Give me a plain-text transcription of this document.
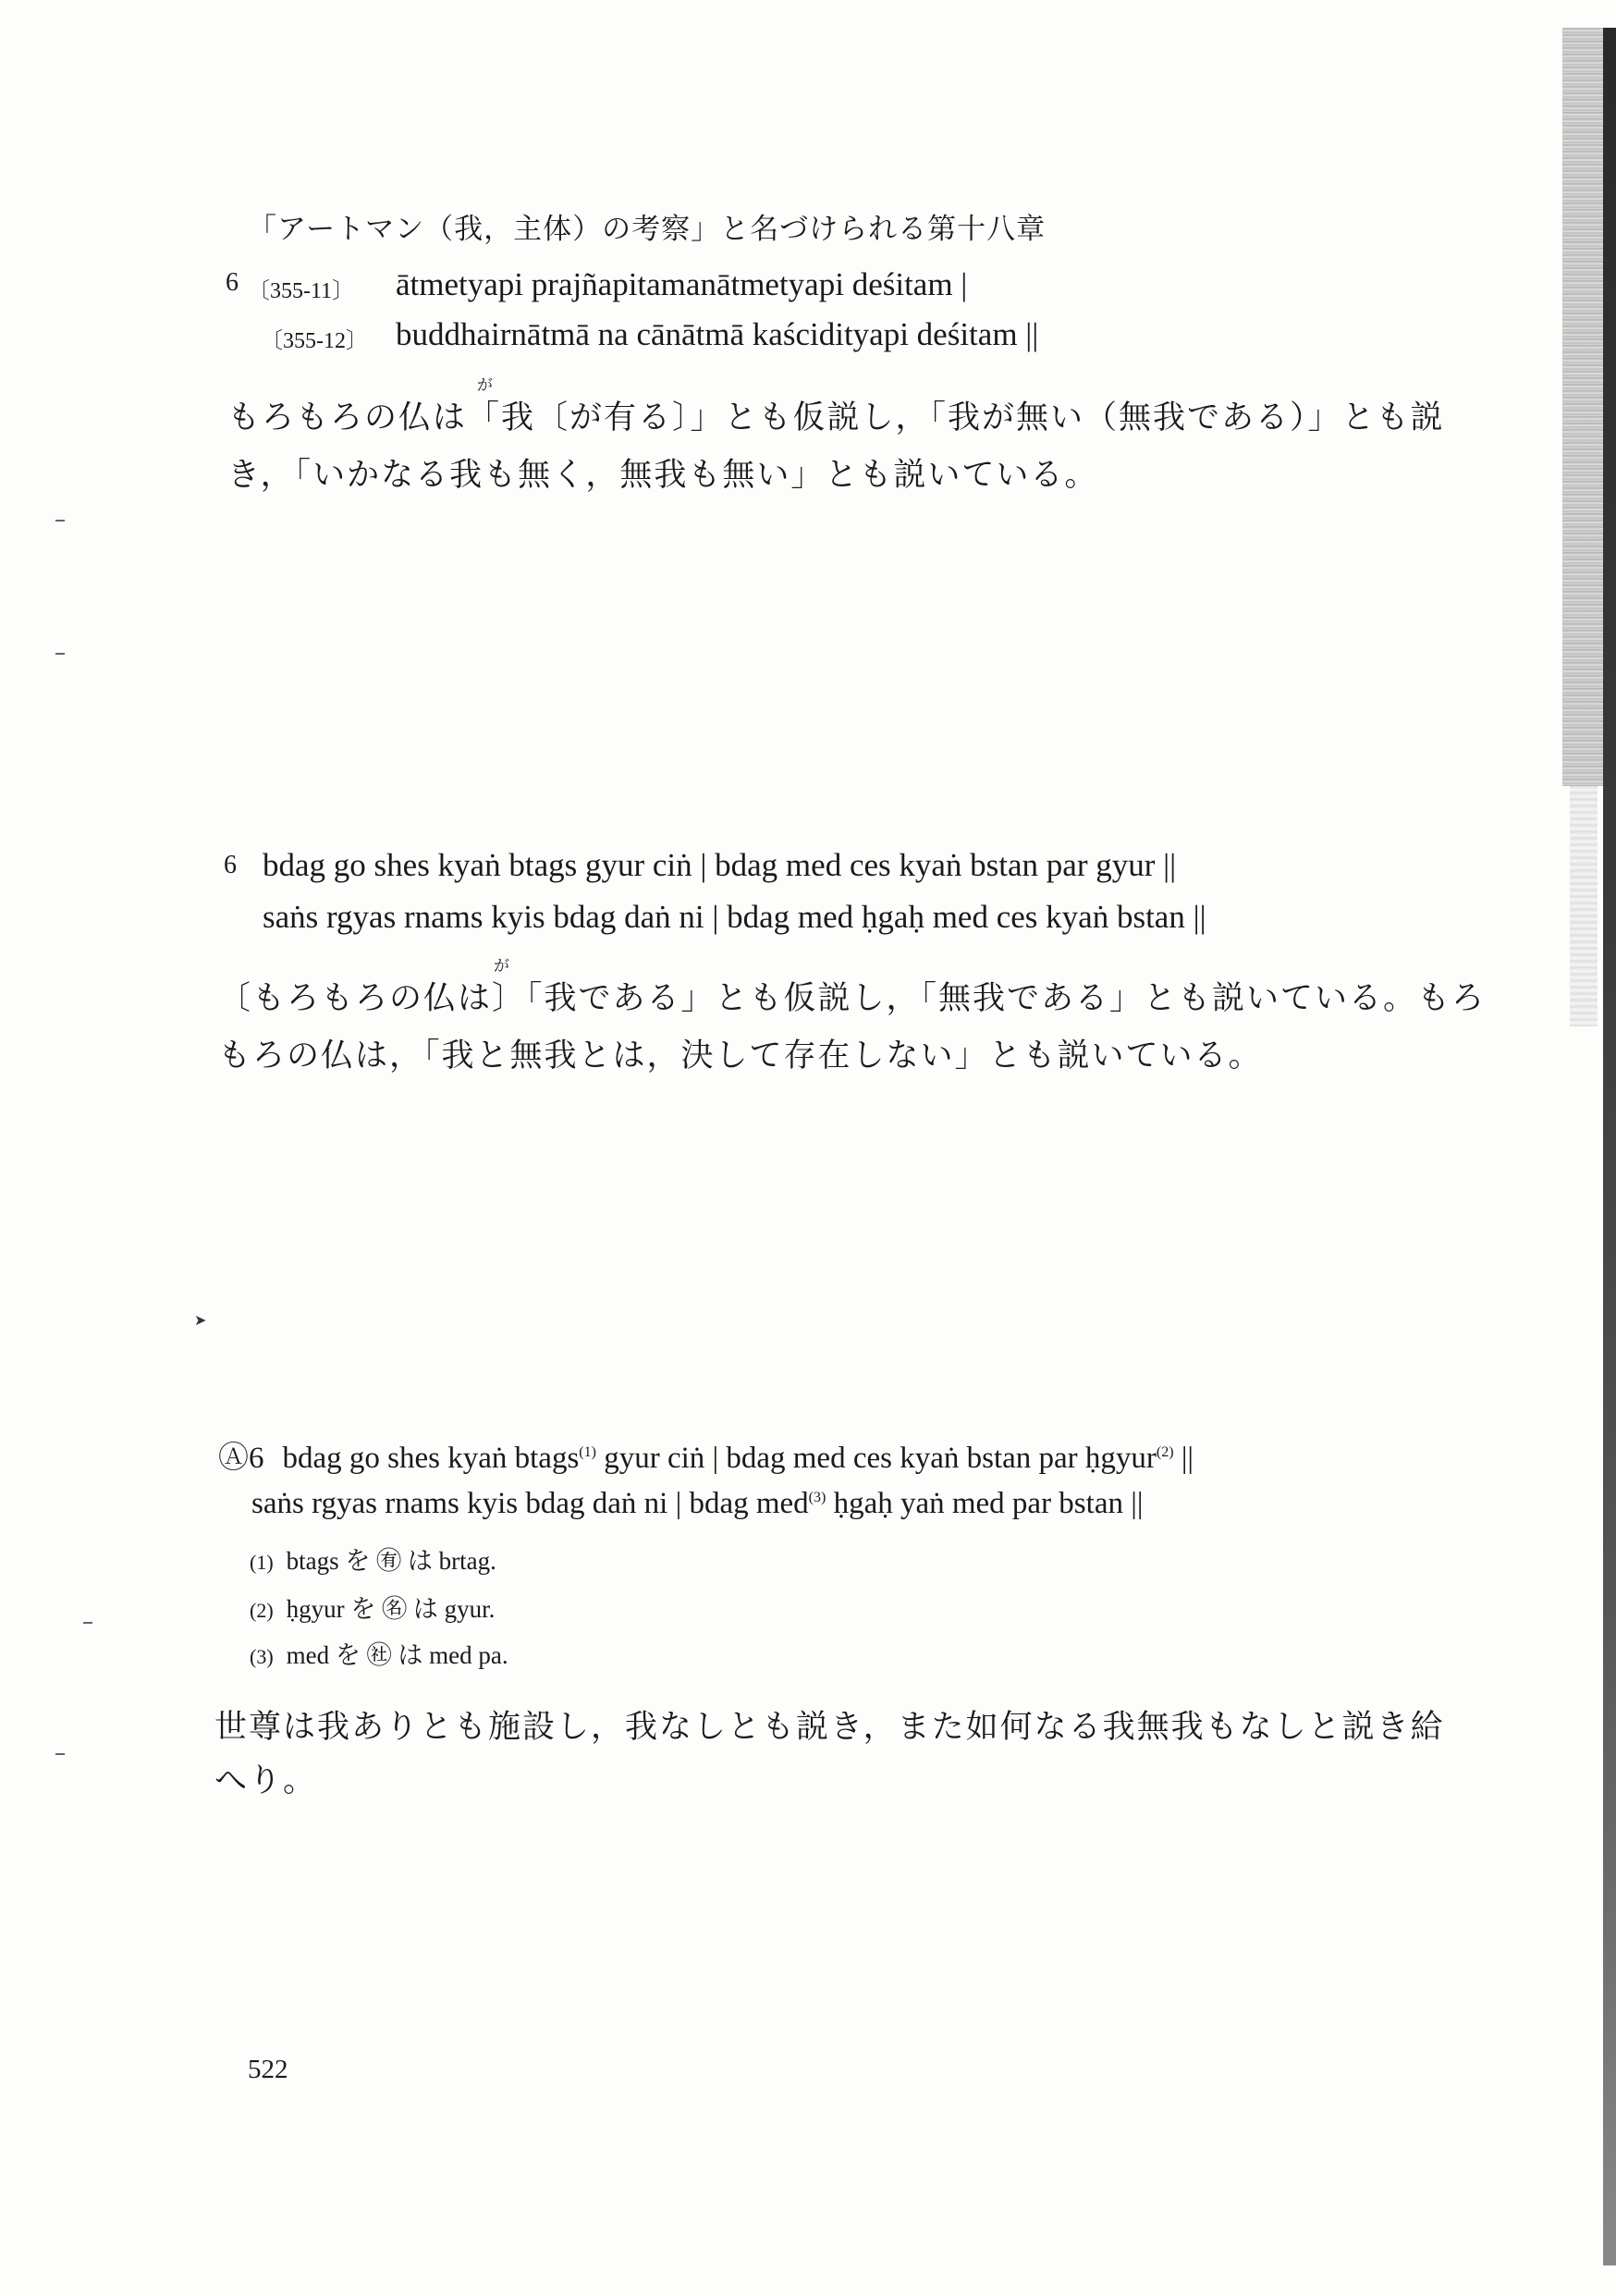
➤
「アートマン（我，主体）の考察」と名づけられる第十八章
6 〔355-11〕 ātmetyapi prajñapitamanātmetyapi deśitam |
〔355-12〕 buddhairnātmā na cānātmā kaścidityapi deśitam ||
が
もろもろの仏は「我〔が有る〕」とも仮説し，「我が無い（無我である）」とも説
き，「いかなる我も無く，無我も無い」とも説いている。
6 bdag go shes kyaṅ btags gyur ciṅ | bdag med ces kyaṅ bstan par gyur ||
saṅs rgyas rnams kyis bdag daṅ ni | bdag med ḥgaḥ med ces kyaṅ bstan ||
が
〔もろもろの仏は〕「我である」とも仮説し，「無我である」とも説いている。もろ
もろの仏は，「我と無我とは，決して存在しない」とも説いている。
Ⓐ6 bdag go shes kyaṅ btags$^{(1)}$ gyur ciṅ | bdag med ces kyaṅ bstan par ḥgyur$^{(2)}$ ||
saṅs rgyas rnams kyis bdag daṅ ni | bdag med$^{(3)}$ ḥgaḥ yaṅ med par bstan ||
(1) btags を ㊒ は brtag.
(2) ḥgyur を ㊔ は gyur.
(3) med を ㊓ は med pa.
世尊は我ありとも施設し，我なしとも説き，また如何なる我無我もなしと説き給
へり。
522
